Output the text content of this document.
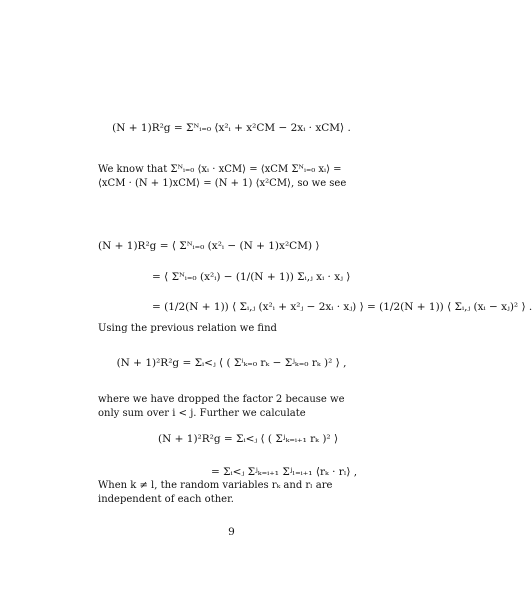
(N + 1)R²g = Σᴺᵢ₌₀ ⟨x²ᵢ + x²CM − 2xᵢ · xCM⟩ .
We know that Σᴺᵢ₌₀ ⟨xᵢ · xCM⟩ = ⟨xCM Σᴺᵢ₌₀ xᵢ⟩ = ⟨xCM · (N + 1)xCM⟩ = (N + 1) ⟨x²CM⟩, so we see
(N + 1)R²g = ⟨ Σᴺᵢ₌₀ (x²ᵢ − (N + 1)x²CM) ⟩
= ⟨ Σᴺᵢ₌₀ (x²ᵢ) − (1/(N + 1)) Σᵢ,ⱼ xᵢ · xⱼ ⟩
= (1/2(N + 1)) ⟨ Σᵢ,ⱼ (x²ᵢ + x²ⱼ − 2xᵢ · xⱼ) ⟩ = (1/2(N + 1)) ⟨ Σᵢ,ⱼ (xᵢ − xⱼ)² ⟩ .
Using the previous relation we find
(N + 1)²R²g = Σᵢ<ⱼ ⟨ ( Σⁱₖ₌₀ rₖ − Σʲₖ₌₀ rₖ )² ⟩ ,
where we have dropped the factor 2 because we only sum over i < j. Further we calculate
(N + 1)²R²g = Σᵢ<ⱼ ⟨ ( Σʲₖ₌ᵢ₊₁ rₖ )² ⟩
= Σᵢ<ⱼ Σʲₖ₌ᵢ₊₁ Σʲₗ₌ᵢ₊₁ ⟨rₖ · rₗ⟩ ,
When k ≠ l, the random variables rₖ and rₗ are independent of each other.
9
